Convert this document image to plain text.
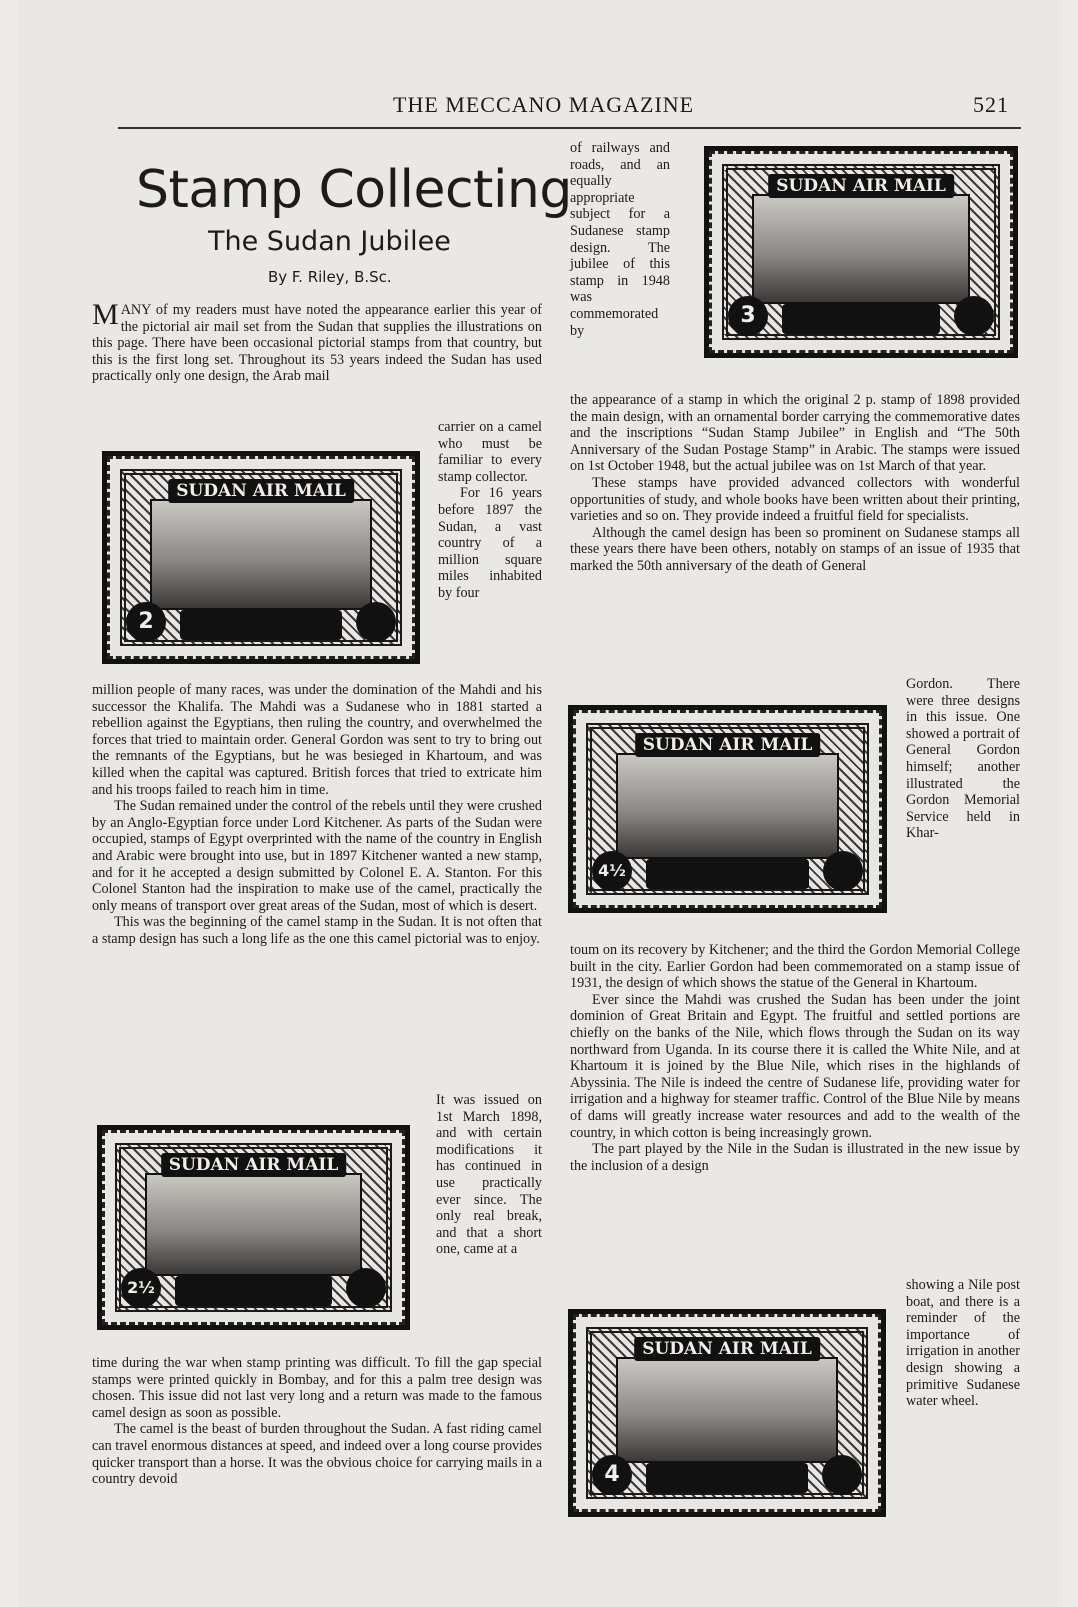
THE MECCANO MAGAZINE	521
Stamp Collecting
The Sudan Jubilee
By F. Riley, B.Sc.

MANY of my readers must have noted the appearance earlier this year of the pictorial air mail set from the Sudan that supplies the illustrations on this page. There have been occasional pictorial stamps from that country, but this is the first long set. Throughout its 53 years indeed the Sudan has used practically only one design, the Arab mail

SUDAN AIR MAIL
2

carrier on a camel who must be familiar to every stamp collector.

For 16 years before 1897 the Sudan, a vast country of a million square miles inhabited by four

million people of many races, was under the domination of the Mahdi and his successor the Khalifa. The Mahdi was a Sudanese who in 1881 started a rebellion against the Egyptians, then ruling the country, and overwhelmed the forces that tried to maintain order. General Gordon was sent to try to bring out the remnants of the Egyptians, but he was besieged in Khartoum, and was killed when the capital was captured. British forces that tried to extricate him and his troops failed to reach him in time.

The Sudan remained under the control of the rebels until they were crushed by an Anglo-Egyptian force under Lord Kitchener. As parts of the Sudan were occupied, stamps of Egypt overprinted with the name of the country in English and Arabic were brought into use, but in 1897 Kitchener wanted a new stamp, and for it he accepted a design submitted by Colonel E. A. Stanton. For this Colonel Stanton had the inspiration to make use of the camel, practically the only means of transport over great areas of the Sudan, most of which is desert.

This was the beginning of the camel stamp in the Sudan. It is not often that a stamp design has such a long life as the one this camel pictorial was to enjoy.

SUDAN AIR MAIL
2½

It was issued on 1st March 1898, and with certain modifications it has continued in use practically ever since. The only real break, and that a short one, came at a

time during the war when stamp printing was difficult. To fill the gap special stamps were printed quickly in Bombay, and for this a palm tree design was chosen. This issue did not last very long and a return was made to the famous camel design as soon as possible.

The camel is the beast of burden throughout the Sudan. A fast riding camel can travel enormous distances at speed, and indeed over a long course provides quicker transport than a horse. It was the obvious choice for carrying mails in a country devoid

of railways and roads, and an equally appropriate subject for a Sudanese stamp design. The jubilee of this stamp in 1948 was commemorated by

SUDAN AIR MAIL
3

the appearance of a stamp in which the original 2 p. stamp of 1898 provided the main design, with an ornamental border carrying the commemorative dates and the inscriptions “Sudan Stamp Jubilee” in English and “The 50th Anniversary of the Sudan Postage Stamp” in Arabic. The stamps were issued on 1st October 1948, but the actual jubilee was on 1st March of that year.

These stamps have provided advanced collectors with wonderful opportunities of study, and whole books have been written about their printing, varieties and so on. They provide indeed a fruitful field for specialists.

Although the camel design has been so prominent on Sudanese stamps all these years there have been others, notably on stamps of an issue of 1935 that marked the 50th anniversary of the death of General

SUDAN AIR MAIL
4½

Gordon. There were three designs in this issue. One showed a portrait of General Gordon himself; another illustrated the Gordon Memorial Service held in Khar-

toum on its recovery by Kitchener; and the third the Gordon Memorial College built in the city. Earlier Gordon had been commemorated on a stamp issue of 1931, the design of which shows the statue of the General in Khartoum.

Ever since the Mahdi was crushed the Sudan has been under the joint dominion of Great Britain and Egypt. The fruitful and settled portions are chiefly on the banks of the Nile, which flows through the Sudan on its way northward from Uganda. In its course there it is called the White Nile, and at Khartoum it is joined by the Blue Nile, which rises in the highlands of Abyssinia. The Nile is indeed the centre of Sudanese life, providing water for irrigation and a highway for steamer traffic. Control of the Blue Nile by means of dams will greatly increase water resources and add to the wealth of the country, in which cotton is being increasingly grown.

The part played by the Nile in the Sudan is illustrated in the new issue by the inclusion of a design

SUDAN AIR MAIL
4

showing a Nile post boat, and there is a reminder of the importance of irrigation in another design showing a primitive Sudanese water wheel.
